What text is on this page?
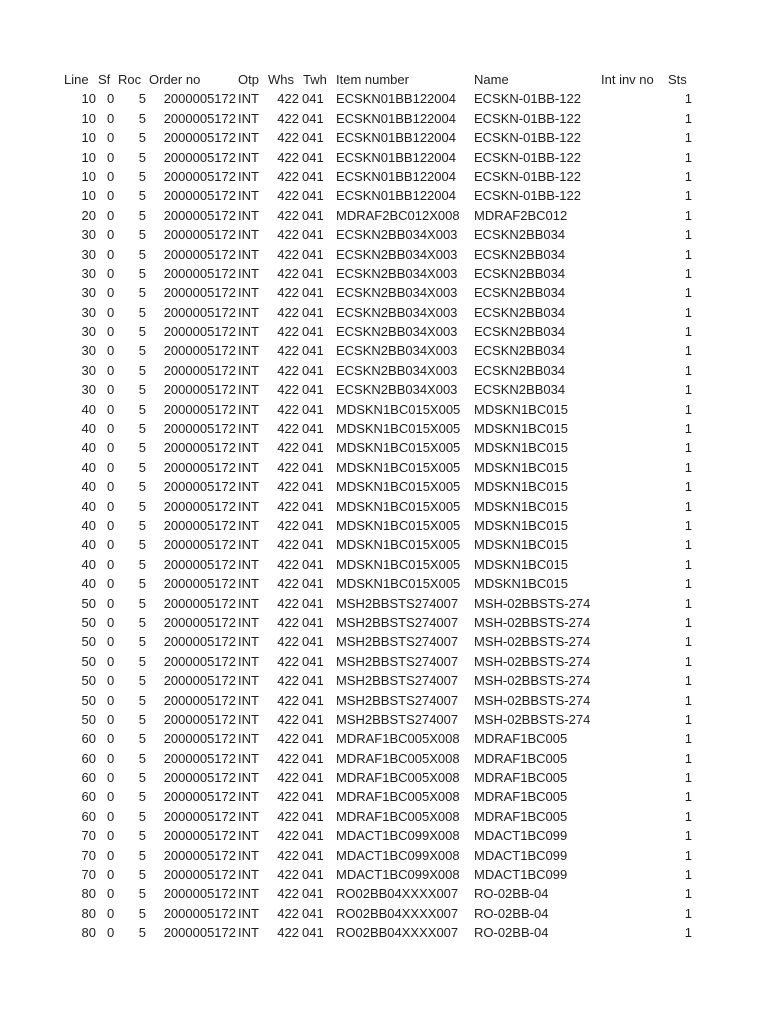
Line Sf Roc Order no	Otp Whs Twh Item number	Name	Int inv no Sts
10 0	5	2000005172 INT	422 041 ECSKN01BB122004 ECSKN-01BB-122	1
10 0	5	2000005172 INT	422 041 ECSKN01BB122004 ECSKN-01BB-122	1
10 0	5	2000005172 INT	422 041 ECSKN01BB122004 ECSKN-01BB-122	1
10 0	5	2000005172 INT	422 041 ECSKN01BB122004 ECSKN-01BB-122	1
10 0	5	2000005172 INT	422 041 ECSKN01BB122004 ECSKN-01BB-122	1
10 0	5	2000005172 INT	422 041 ECSKN01BB122004 ECSKN-01BB-122	1
20 0	5	2000005172 INT	422 041 MDRAF2BC012X008 MDRAF2BC012	1
30 0	5	2000005172 INT	422 041 ECSKN2BB034X003 ECSKN2BB034	1
30 0	5	2000005172 INT	422 041 ECSKN2BB034X003 ECSKN2BB034	1
30 0	5	2000005172 INT	422 041 ECSKN2BB034X003 ECSKN2BB034	1
30 0	5	2000005172 INT	422 041 ECSKN2BB034X003 ECSKN2BB034	1
30 0	5	2000005172 INT	422 041 ECSKN2BB034X003 ECSKN2BB034	1
30 0	5	2000005172 INT	422 041 ECSKN2BB034X003 ECSKN2BB034	1
30 0	5	2000005172 INT	422 041 ECSKN2BB034X003 ECSKN2BB034	1
30 0	5	2000005172 INT	422 041 ECSKN2BB034X003 ECSKN2BB034	1
30 0	5	2000005172 INT	422 041 ECSKN2BB034X003 ECSKN2BB034	1
40 0	5	2000005172 INT	422 041 MDSKN1BC015X005 MDSKN1BC015	1
40 0	5	2000005172 INT	422 041 MDSKN1BC015X005 MDSKN1BC015	1
40 0	5	2000005172 INT	422 041 MDSKN1BC015X005 MDSKN1BC015	1
40 0	5	2000005172 INT	422 041 MDSKN1BC015X005 MDSKN1BC015	1
40 0	5	2000005172 INT	422 041 MDSKN1BC015X005 MDSKN1BC015	1
40 0	5	2000005172 INT	422 041 MDSKN1BC015X005 MDSKN1BC015	1
40 0	5	2000005172 INT	422 041 MDSKN1BC015X005 MDSKN1BC015	1
40 0	5	2000005172 INT	422 041 MDSKN1BC015X005 MDSKN1BC015	1
40 0	5	2000005172 INT	422 041 MDSKN1BC015X005 MDSKN1BC015	1
40 0	5	2000005172 INT	422 041 MDSKN1BC015X005 MDSKN1BC015	1
50 0	5	2000005172 INT	422 041 MSH2BBSTS274007 MSH-02BBSTS-274	1
50 0	5	2000005172 INT	422 041 MSH2BBSTS274007 MSH-02BBSTS-274	1
50 0	5	2000005172 INT	422 041 MSH2BBSTS274007 MSH-02BBSTS-274	1
50 0	5	2000005172 INT	422 041 MSH2BBSTS274007 MSH-02BBSTS-274	1
50 0	5	2000005172 INT	422 041 MSH2BBSTS274007 MSH-02BBSTS-274	1
50 0	5	2000005172 INT	422 041 MSH2BBSTS274007 MSH-02BBSTS-274	1
50 0	5	2000005172 INT	422 041 MSH2BBSTS274007 MSH-02BBSTS-274	1
60 0	5	2000005172 INT	422 041 MDRAF1BC005X008 MDRAF1BC005	1
60 0	5	2000005172 INT	422 041 MDRAF1BC005X008 MDRAF1BC005	1
60 0	5	2000005172 INT	422 041 MDRAF1BC005X008 MDRAF1BC005	1
60 0	5	2000005172 INT	422 041 MDRAF1BC005X008 MDRAF1BC005	1
60 0	5	2000005172 INT	422 041 MDRAF1BC005X008 MDRAF1BC005	1
70 0	5	2000005172 INT	422 041 MDACT1BC099X008 MDACT1BC099	1
70 0	5	2000005172 INT	422 041 MDACT1BC099X008 MDACT1BC099	1
70 0	5	2000005172 INT	422 041 MDACT1BC099X008 MDACT1BC099	1
80 0	5	2000005172 INT	422 041 RO02BB04XXXX007 RO-02BB-04	1
80 0	5	2000005172 INT	422 041 RO02BB04XXXX007 RO-02BB-04	1
80 0	5	2000005172 INT	422 041 RO02BB04XXXX007 RO-02BB-04	1
